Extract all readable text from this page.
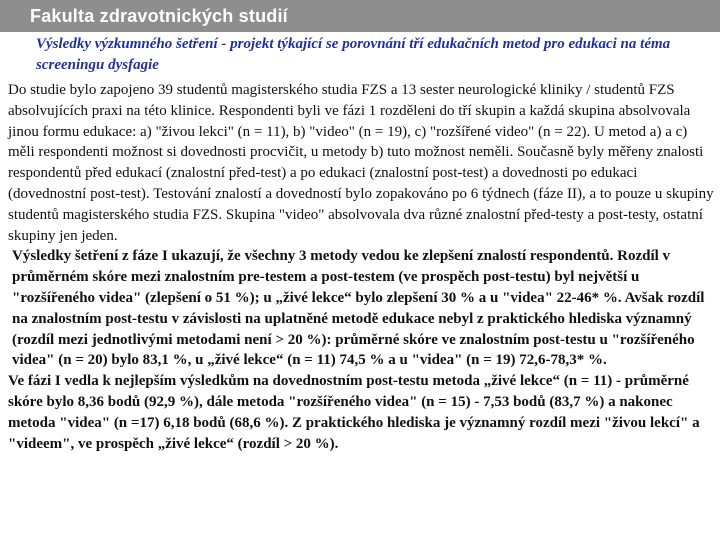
Fakulta zdravotnických studií
Výsledky výzkumného šetření - projekt týkající se porovnání tří edukačních metod pro edukaci na téma screeningu dysfagie

Do studie bylo zapojeno 39 studentů magisterského studia FZS a 13 sester neurologické kliniky / studentů FZS absolvujících praxi na této klinice. Respondenti byli ve fázi 1 rozděleni do tří skupin a každá skupina absolvovala jinou formu edukace: a) "živou lekci" (n = 11), b) "video" (n = 19), c) "rozšířené video" (n = 22). U metod a) a c) měli respondenti možnost si dovednosti procvičit, u metody b) tuto možnost neměli. Současně byly měřeny znalosti respondentů před edukací (znalostní před-test) a po edukaci (znalostní post-test) a dovednosti po edukaci (dovednostní post-test). Testování znalostí a dovedností bylo zopakováno po 6 týdnech (fáze II), a to pouze u skupiny studentů magisterského studia FZS. Skupina "video" absolvovala dva různé znalostní před-testy a post-testy, ostatní skupiny jen jeden.

Výsledky šetření z fáze I ukazují, že všechny 3 metody vedou ke zlepšení znalostí respondentů. Rozdíl v průměrném skóre mezi znalostním pre-testem a post-testem (ve prospěch post-testu) byl největší u "rozšířeného videa" (zlepšení o 51 %); u „živé lekce“ bylo zlepšení 30 % a u "videa" 22-46* %. Avšak rozdíl na znalostním post-testu v závislosti na uplatněné metodě edukace nebyl z praktického hlediska významný (rozdíl mezi jednotlivými metodami není > 20 %): průměrné skóre ve znalostním post-testu u "rozšířeného videa" (n = 20) bylo 83,1 %, u „živé lekce“ (n = 11) 74,5 % a u "videa" (n = 19) 72,6-78,3* %.

Ve fázi I vedla k nejlepším výsledkům na dovednostním post-testu metoda „živé lekce“ (n = 11) - průměrné skóre bylo 8,36 bodů (92,9 %), dále metoda "rozšířeného videa" (n = 15) - 7,53 bodů (83,7 %) a nakonec metoda "videa" (n =17) 6,18 bodů (68,6 %). Z praktického hlediska je významný rozdíl mezi "živou lekcí" a "videem", ve prospěch „živé lekce“ (rozdíl > 20 %).
